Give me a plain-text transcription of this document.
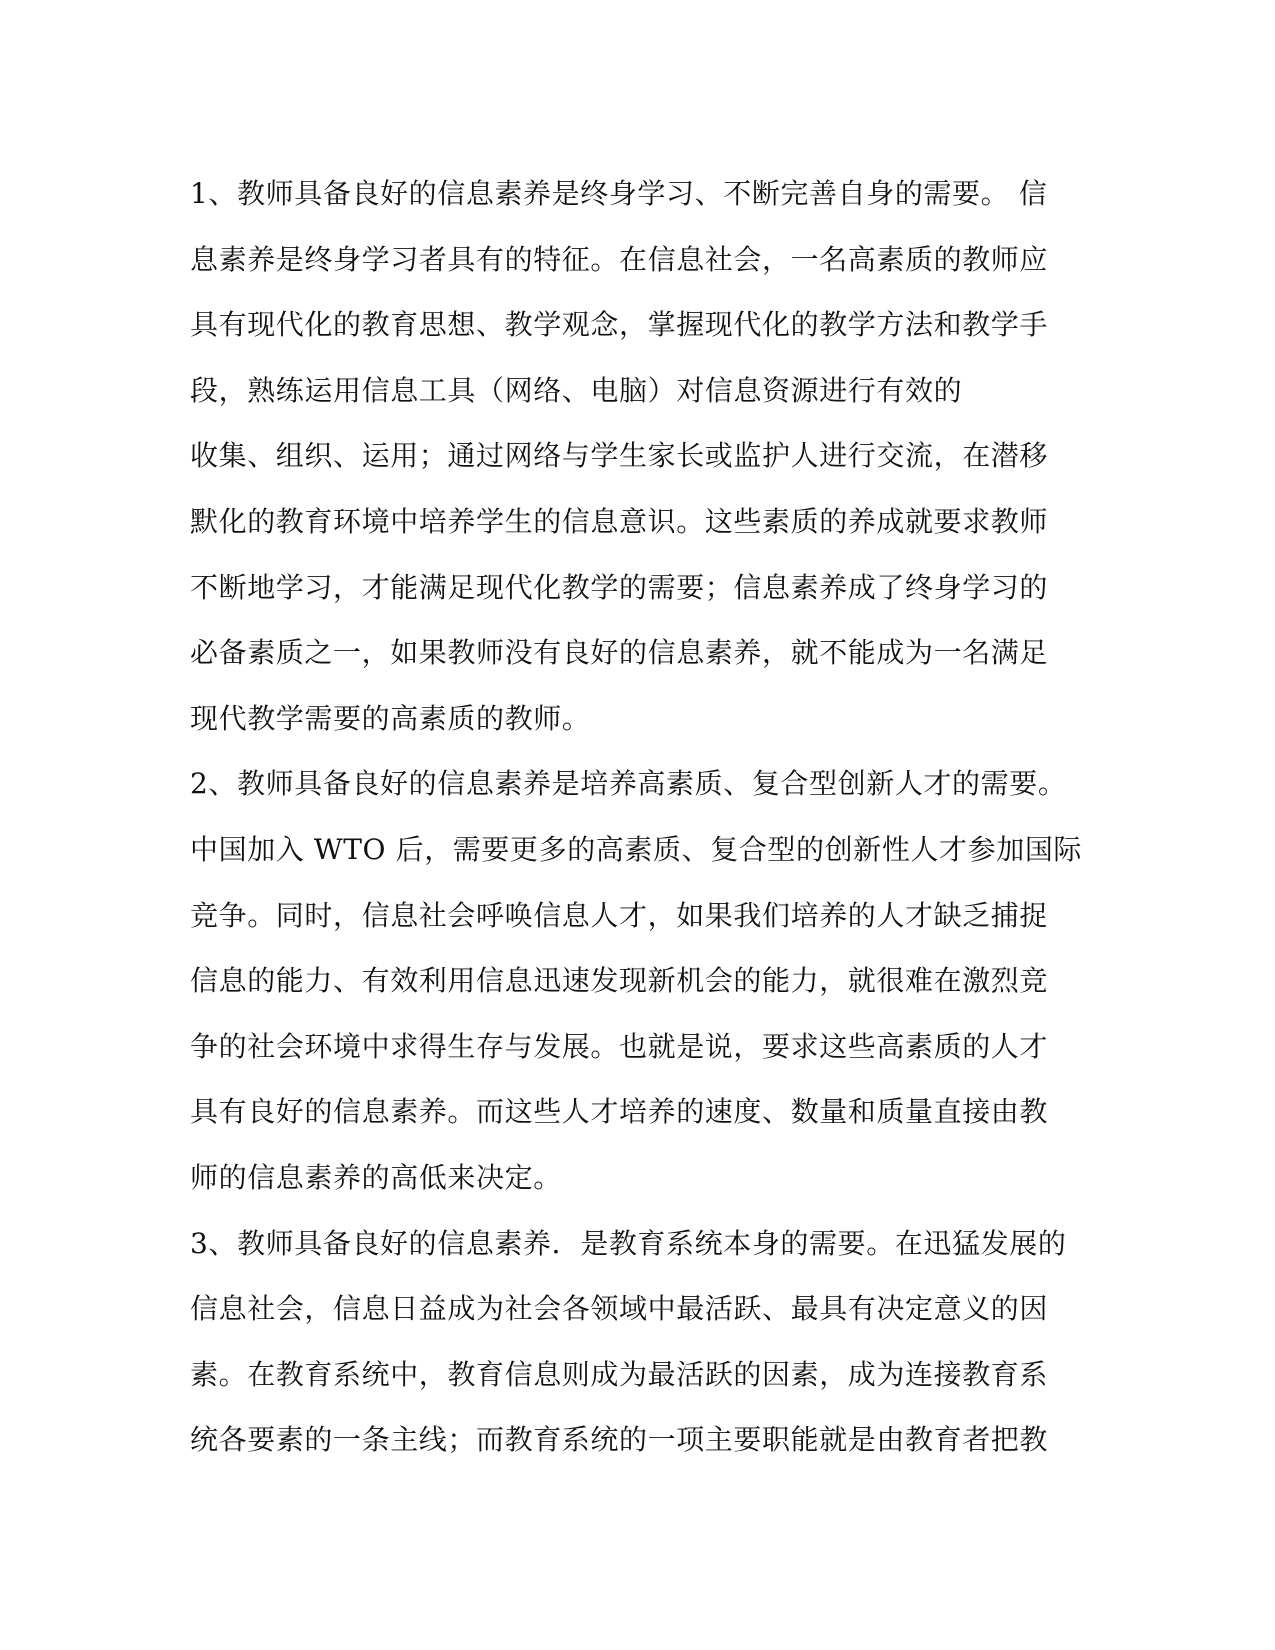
1、教师具备良好的信息素养是终身学习、不断完善自身的需要。 信
息素养是终身学习者具有的特征。在信息社会，一名高素质的教师应
具有现代化的教育思想、教学观念，掌握现代化的教学方法和教学手
段，熟练运用信息工具（网络、电脑）对信息资源进行有效的
收集、组织、运用；通过网络与学生家长或监护人进行交流，在潜移
默化的教育环境中培养学生的信息意识。这些素质的养成就要求教师
不断地学习，才能满足现代化教学的需要；信息素养成了终身学习的
必备素质之一，如果教师没有良好的信息素养，就不能成为一名满足
现代教学需要的高素质的教师。
2、教师具备良好的信息素养是培养高素质、复合型创新人才的需要。
中国加入 WTO 后，需要更多的高素质、复合型的创新性人才参加国际
竞争。同时，信息社会呼唤信息人才，如果我们培养的人才缺乏捕捉
信息的能力、有效利用信息迅速发现新机会的能力，就很难在激烈竞
争的社会环境中求得生存与发展。也就是说，要求这些高素质的人才
具有良好的信息素养。而这些人才培养的速度、数量和质量直接由教
师的信息素养的高低来决定。
3、教师具备良好的信息素养．是教育系统本身的需要。在迅猛发展的
信息社会，信息日益成为社会各领域中最活跃、最具有决定意义的因
素。在教育系统中，教育信息则成为最活跃的因素，成为连接教育系
统各要素的一条主线；而教育系统的一项主要职能就是由教育者把教
